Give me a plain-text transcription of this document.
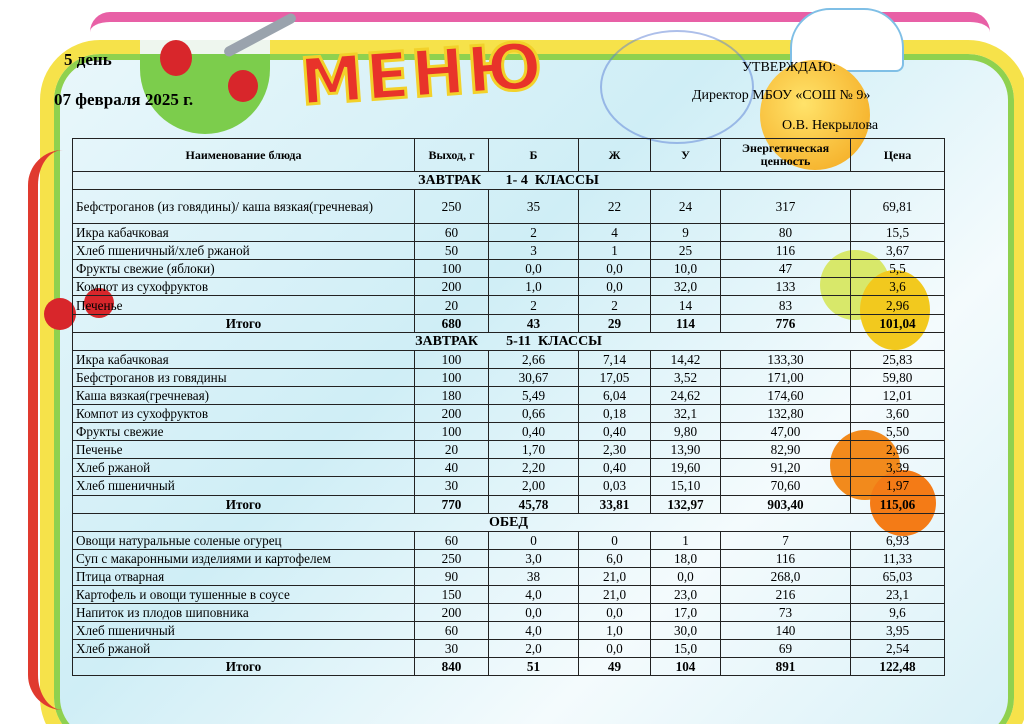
МЕНЮ
5 день
07 февраля 2025 г.
УТВЕРЖДАЮ:
Директор МБОУ «СОШ № 9»
О.В. Некрылова
Наименование блюда	Выход, г	Б	Ж	У	Энергетическая ценность	Цена
ЗАВТРАК       1- 4  КЛАССЫ						
Бефстроганов (из говядины)/ каша вязкая(гречневая)	250	35	22	24	317	69,81
Икра кабачковая	60	2	4	9	80	15,5
Хлеб пшеничный/хлеб ржаной	50	3	1	25	116	3,67
Фрукты свежие (яблоки)	100	0,0	0,0	10,0	47	5,5
Компот из сухофруктов	200	1,0	0,0	32,0	133	3,6
Печенье	20	2	2	14	83	2,96
Итого	680	43	29	114	776	101,04
ЗАВТРАК        5-11  КЛАССЫ						
Икра кабачковая	100	2,66	7,14	14,42	133,30	25,83
Бефстроганов из говядины	100	30,67	17,05	3,52	171,00	59,80
Каша вязкая(гречневая)	180	5,49	6,04	24,62	174,60	12,01
Компот из сухофруктов	200	0,66	0,18	32,1	132,80	3,60
Фрукты свежие	100	0,40	0,40	9,80	47,00	5,50
Печенье	20	1,70	2,30	13,90	82,90	2,96
Хлеб ржаной	40	2,20	0,40	19,60	91,20	3,39
Хлеб пшеничный	30	2,00	0,03	15,10	70,60	1,97
Итого	770	45,78	33,81	132,97	903,40	115,06
ОБЕД						
Овощи натуральные соленые огурец	60	0	0	1	7	6,93
Суп с макаронными изделиями и картофелем	250	3,0	6,0	18,0	116	11,33
Птица отварная	90	38	21,0	0,0	268,0	65,03
Картофель и овощи тушенные в соусе	150	4,0	21,0	23,0	216	23,1
Напиток из плодов шиповника	200	0,0	0,0	17,0	73	9,6
Хлеб пшеничный	60	4,0	1,0	30,0	140	3,95
Хлеб ржаной	30	2,0	0,0	15,0	69	2,54
Итого	840	51	49	104	891	122,48
